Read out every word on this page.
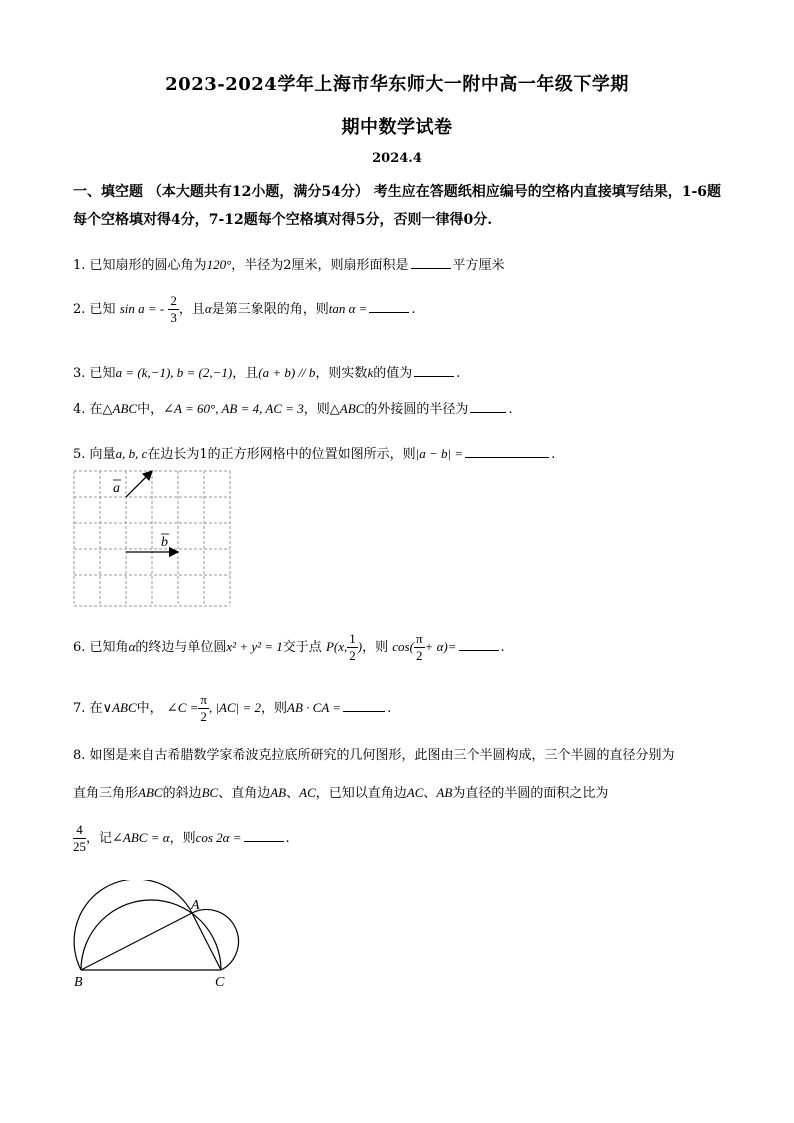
2023-2024学年上海市华东师大一附中高一年级下学期
期中数学试卷
2024.4
一、填空题 （本大题共有12小题，满分54分） 考生应在答题纸相应编号的空格内直接填写结果，1-6题每个空格填对得4分，7-12题每个空格填对得5分，否则一律得0分.
1. 已知扇形的圆心角为120°，半径为2厘米，则扇形面积是	平方厘米
2. 已知 sin a = - $\frac{2}{3}$ ，且α是第三象限的角，则tan α =	.
3. 已知a = (k,−1), b = (2,−1)，且(a + b) // b，则实数k的值为	.
4. 在△ABC中，∠A = 60°, AB = 4, AC = 3，则△ABC的外接圆的半径为	.
5. 向量a, b, c在边长为1的正方形网格中的位置如图所示，则|a − b| =	.
a
b
6. 已知角α的终边与单位圆x² + y² = 1交于点 P(x, $\frac{1}{2}$ )，则 $\cos( \frac{\pi}{2} + \alpha)=$	.
7. 在∨ABC中， ∠C = $\frac{\pi}{2}$ , |AC| = 2，则AB · CA =	.
8. 如图是来自古希腊数学家希波克拉底所研究的几何图形，此图由三个半圆构成，三个半圆的直径分别为
直角三角形ABC的斜边BC、直角边AB、AC，已知以直角边AC、AB为直径的半圆的面积之比为
$\frac{4}{25}$ ，记∠ABC = α，则cos 2α =	.
A
B	C
